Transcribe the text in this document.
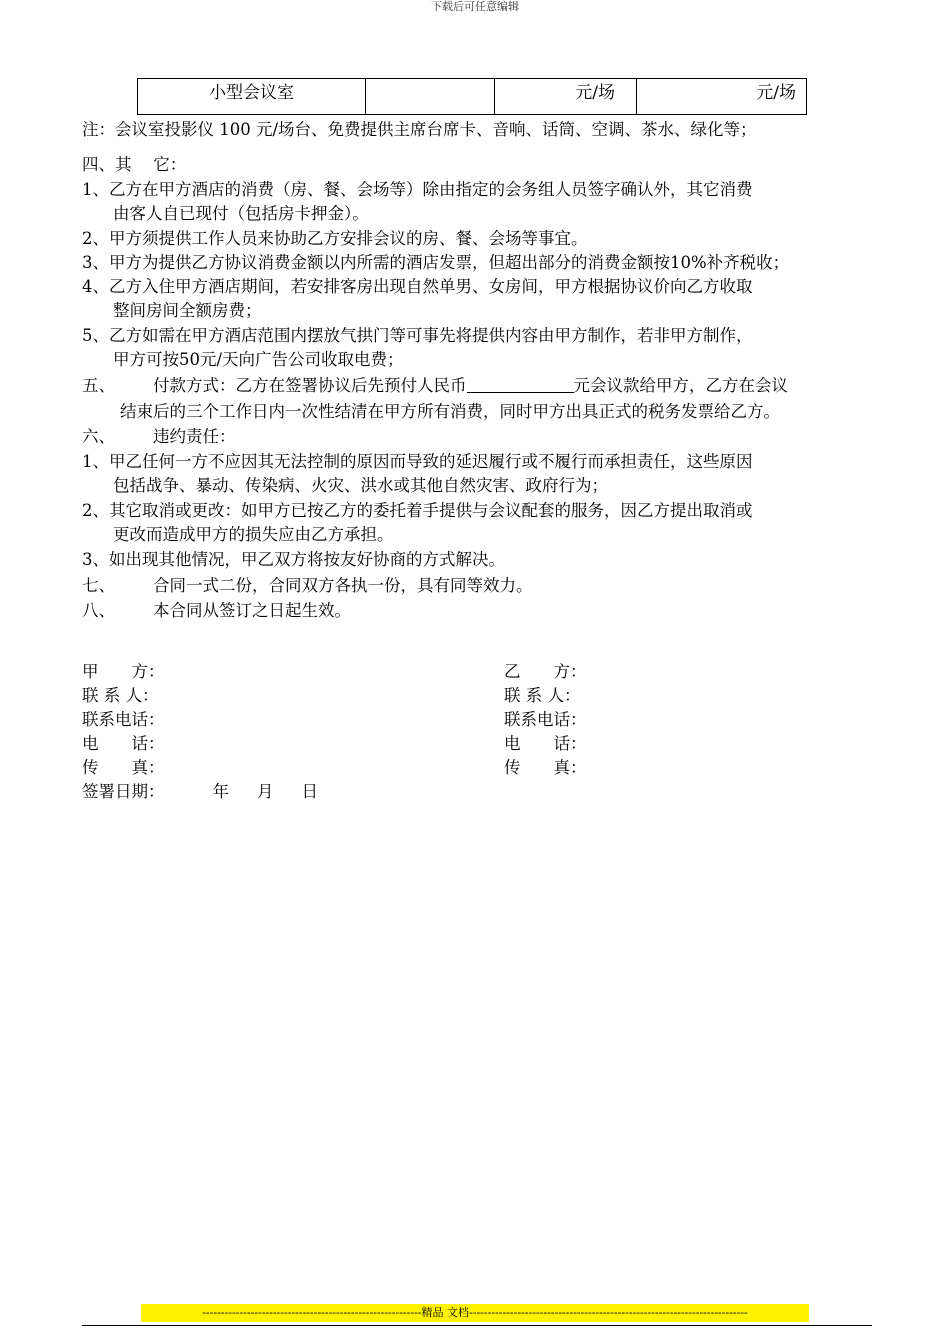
下载后可任意编辑
小型会议室		元/场	元/场
注：会议室投影仪 100 元/场台、免费提供主席台席卡、音响、话筒、空调、茶水、绿化等；
四、其　 它：
1、乙方在甲方酒店的消费（房、餐、会场等）除由指定的会务组人员签字确认外，其它消费
由客人自已现付（包括房卡押金）。
2、甲方须提供工作人员来协助乙方安排会议的房、餐、会场等事宜。
3、甲方为提供乙方协议消费金额以内所需的酒店发票，但超出部分的消费金额按10%补齐税收；
4、乙方入住甲方酒店期间，若安排客房出现自然单男、女房间，甲方根据协议价向乙方收取
整间房间全额房费；
5、乙方如需在甲方酒店范围内摆放气拱门等可事先将提供内容由甲方制作，若非甲方制作，
甲方可按50元/天向广告公司收取电费；
五、 付款方式：乙方在签署协议后先预付人民币	元会议款给甲方，乙方在会议
结束后的三个工作日内一次性结清在甲方所有消费，同时甲方出具正式的税务发票给乙方。
六、 违约责任：
1、甲乙任何一方不应因其无法控制的原因而导致的延迟履行或不履行而承担责任，这些原因
包括战争、暴动、传染病、火灾、洪水或其他自然灾害、政府行为；
2、其它取消或更改：如甲方已按乙方的委托着手提供与会议配套的服务，因乙方提出取消或
更改而造成甲方的损失应由乙方承担。
3、如出现其他情况，甲乙双方将按友好协商的方式解决。
七、 合同一式二份，合同双方各执一份，具有同等效力。
八、 本合同从签订之日起生效。
甲　　方：
联 系 人：
联系电话：
电　　话：
传　　真：
签署日期：	年 月 日
乙　　方：
联 系 人：
联系电话：
电　　话：
传　　真：
-----------------------------------------------------------精品 文档---------------------------------------------------------------------------
